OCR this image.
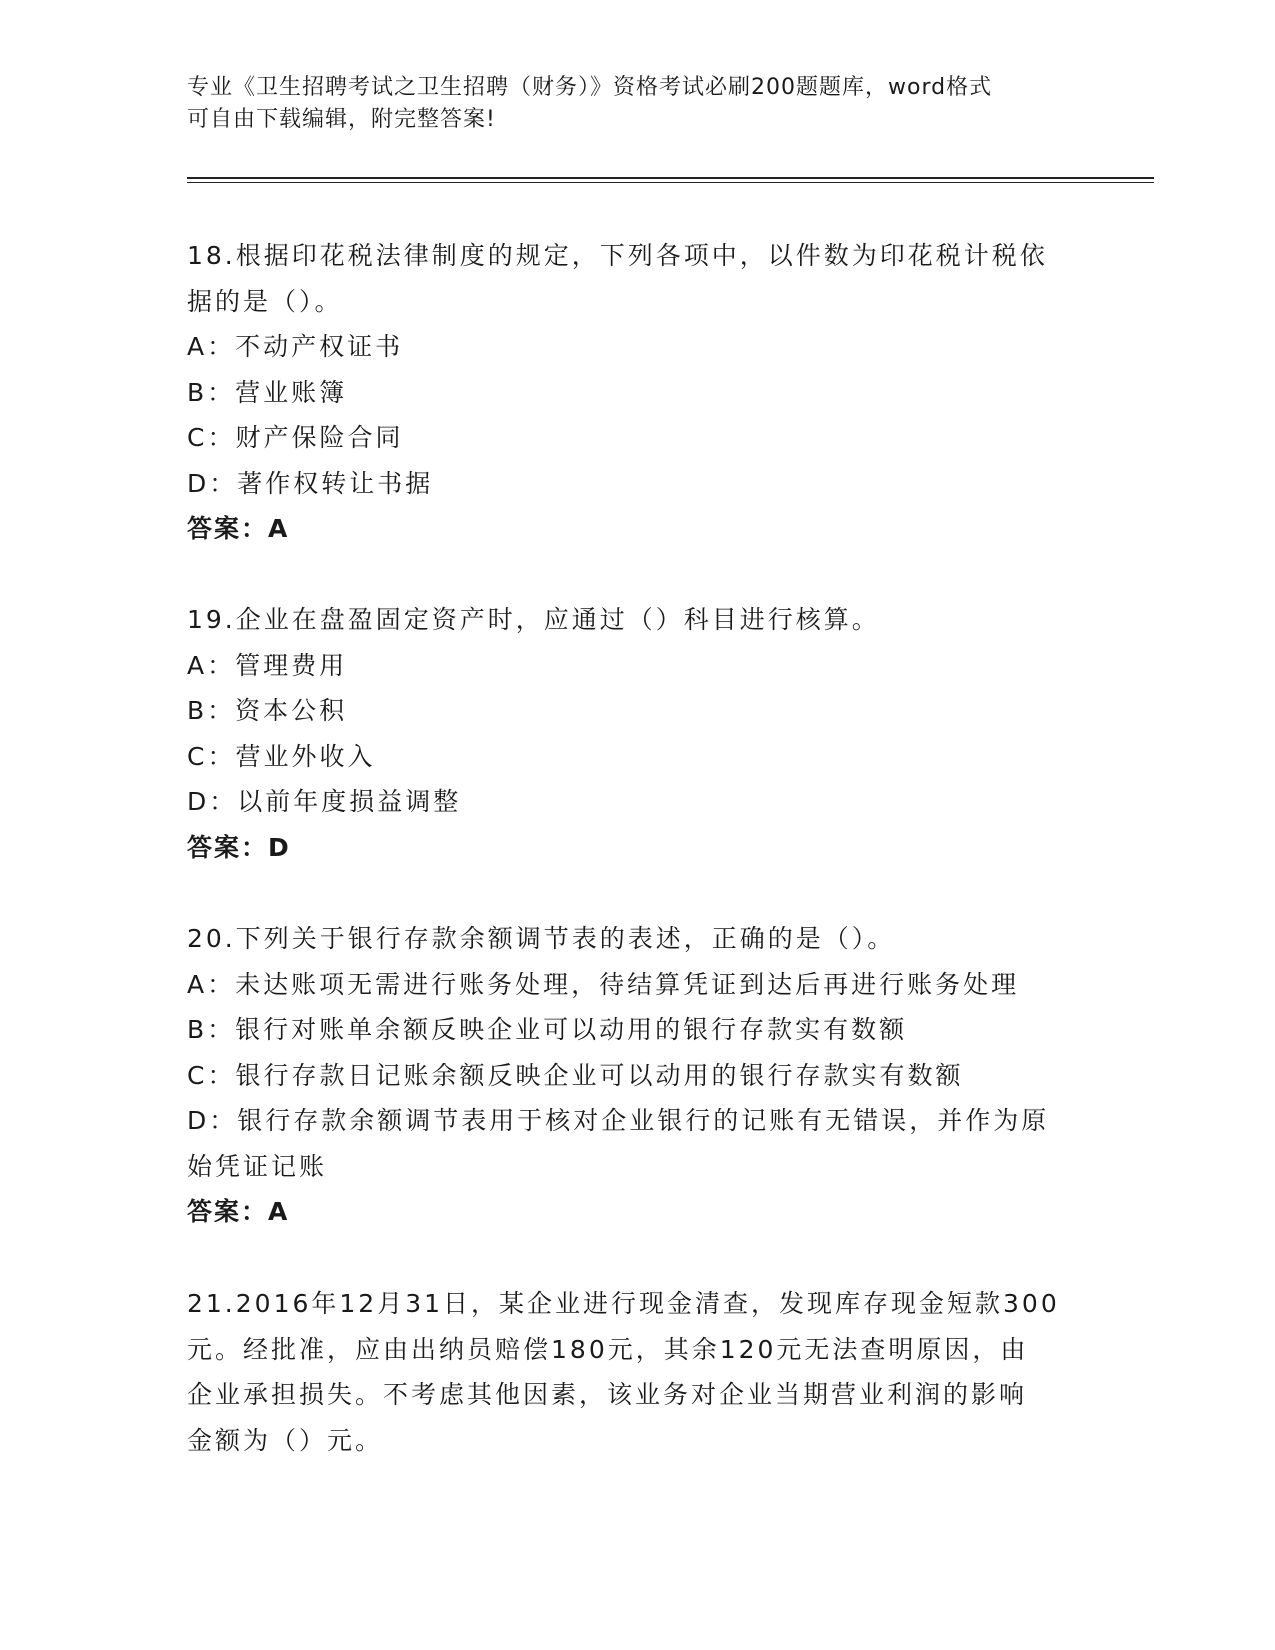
专业《卫生招聘考试之卫生招聘（财务）》资格考试必刷200题题库，word格式
可自由下载编辑，附完整答案!
18.根据印花税法律制度的规定，下列各项中，以件数为印花税计税依
据的是（）。
A：不动产权证书
B：营业账簿
C：财产保险合同
D：著作权转让书据
答案：A
19.企业在盘盈固定资产时，应通过（）科目进行核算。
A：管理费用
B：资本公积
C：营业外收入
D：以前年度损益调整
答案：D
20.下列关于银行存款余额调节表的表述，正确的是（）。
A：未达账项无需进行账务处理，待结算凭证到达后再进行账务处理
B：银行对账单余额反映企业可以动用的银行存款实有数额
C：银行存款日记账余额反映企业可以动用的银行存款实有数额
D：银行存款余额调节表用于核对企业银行的记账有无错误，并作为原
始凭证记账
答案：A
21.2016年12月31日，某企业进行现金清查，发现库存现金短款300
元。经批准，应由出纳员赔偿180元，其余120元无法查明原因，由
企业承担损失。不考虑其他因素，该业务对企业当期营业利润的影响
金额为（）元。
